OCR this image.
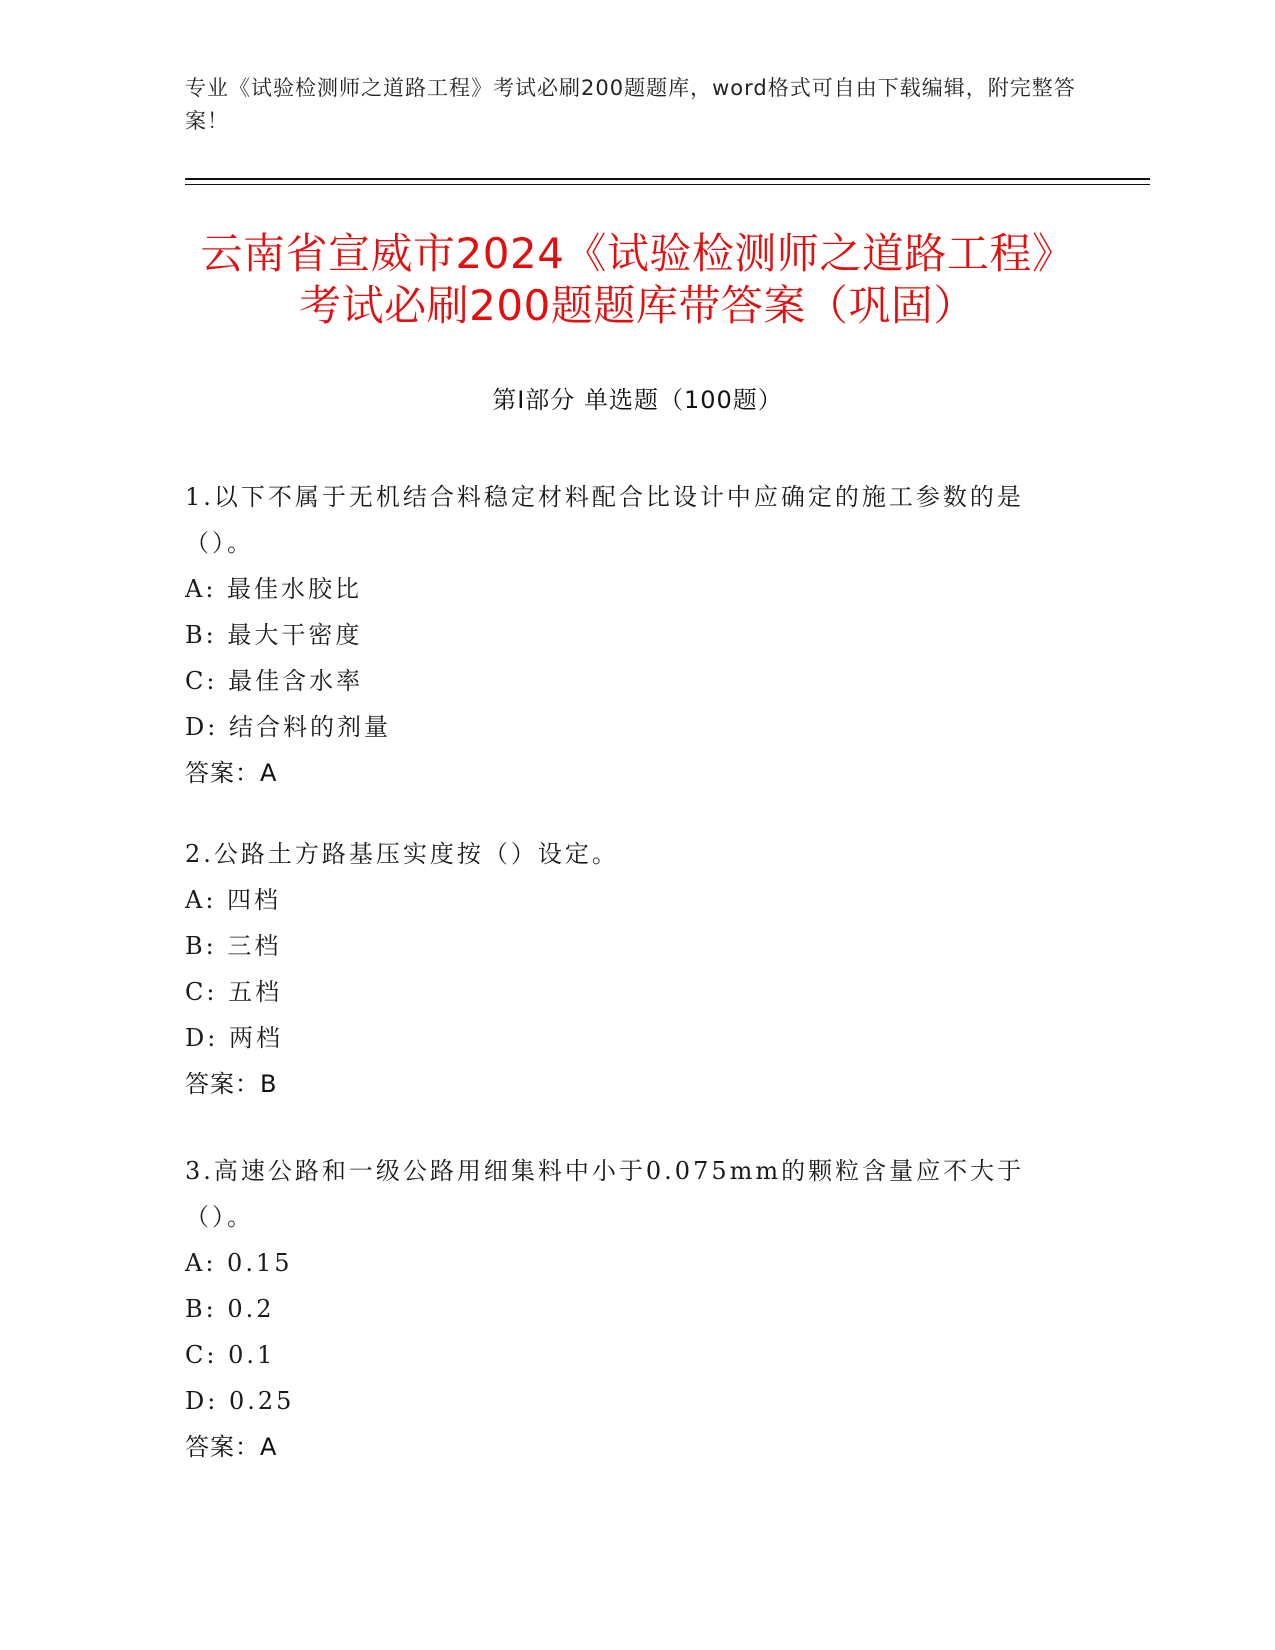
专业《试验检测师之道路工程》考试必刷200题题库，word格式可自由下载编辑，附完整答案！
云南省宣威市2024《试验检测师之道路工程》考试必刷200题题库带答案（巩固）
第I部分 单选题（100题）

1.以下不属于无机结合料稳定材料配合比设计中应确定的施工参数的是（）。

A: 最佳水胶比

B: 最大干密度

C: 最佳含水率

D: 结合料的剂量

答案：A

2.公路土方路基压实度按（）设定。

A: 四档

B: 三档

C: 五档

D: 两档

答案：B

3.高速公路和一级公路用细集料中小于0.075mm的颗粒含量应不大于（）。

A: 0.15

B: 0.2

C: 0.1

D: 0.25

答案：A
